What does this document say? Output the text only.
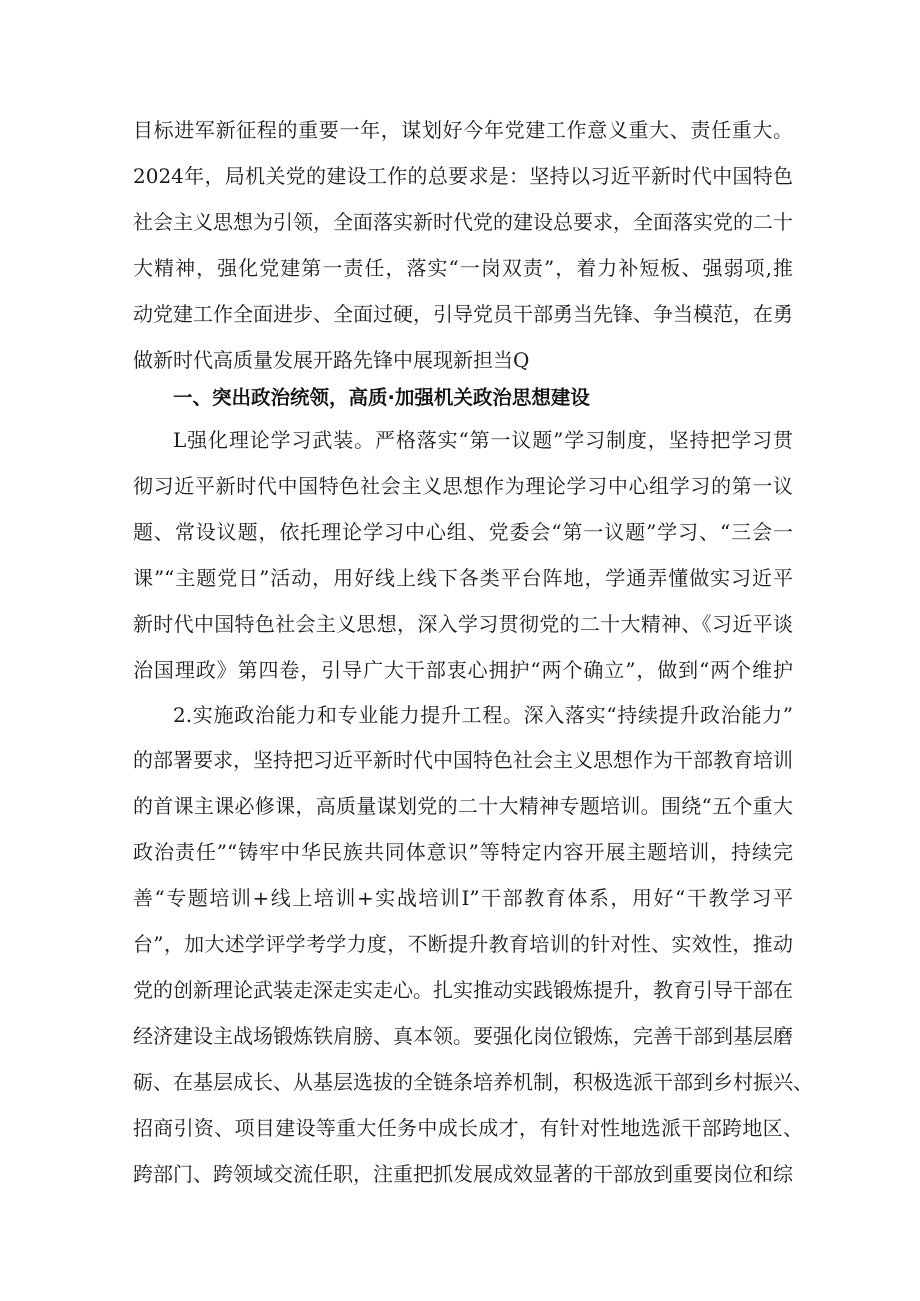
目标进军新征程的重要一年，谋划好今年党建工作意义重大、责任重大。
2024年，局机关党的建设工作的总要求是：坚持以习近平新时代中国特色
社会主义思想为引领，全面落实新时代党的建设总要求，全面落实党的二十
大精神，强化党建第一责任，落实“一岗双责”，着力补短板、强弱项,推
动党建工作全面进步、全面过硬，引导党员干部勇当先锋、争当模范，在勇
做新时代高质量发展开路先锋中展现新担当Q
一、突出政治统领，高质·加强机关政治思想建设
L强化理论学习武装。严格落实“第一议题”学习制度，坚持把学习贯
彻习近平新时代中国特色社会主义思想作为理论学习中心组学习的第一议
题、常设议题，依托理论学习中心组、党委会“第一议题”学习、“三会一
课”“主题党日”活动，用好线上线下各类平台阵地，学通弄懂做实习近平
新时代中国特色社会主义思想，深入学习贯彻党的二十大精神、《习近平谈
治国理政》第四卷，引导广大干部衷心拥护“两个确立”，做到“两个维护
2.实施政治能力和专业能力提升工程。深入落实“持续提升政治能力”
的部署要求，坚持把习近平新时代中国特色社会主义思想作为干部教育培训
的首课主课必修课，高质量谋划党的二十大精神专题培训。围绕“五个重大
政治责任”“铸牢中华民族共同体意识”等特定内容开展主题培训，持续完
善“专题培训+线上培训+实战培训I”干部教育体系，用好“干教学习平
台”，加大述学评学考学力度，不断提升教育培训的针对性、实效性，推动
党的创新理论武装走深走实走心。扎实推动实践锻炼提升，教育引导干部在
经济建设主战场锻炼铁肩膀、真本领。要强化岗位锻炼，完善干部到基层磨
砺、在基层成长、从基层选拔的全链条培养机制，积极选派干部到乡村振兴、
招商引资、项目建设等重大任务中成长成才，有针对性地选派干部跨地区、
跨部门、跨领域交流任职，注重把抓发展成效显著的干部放到重要岗位和综
